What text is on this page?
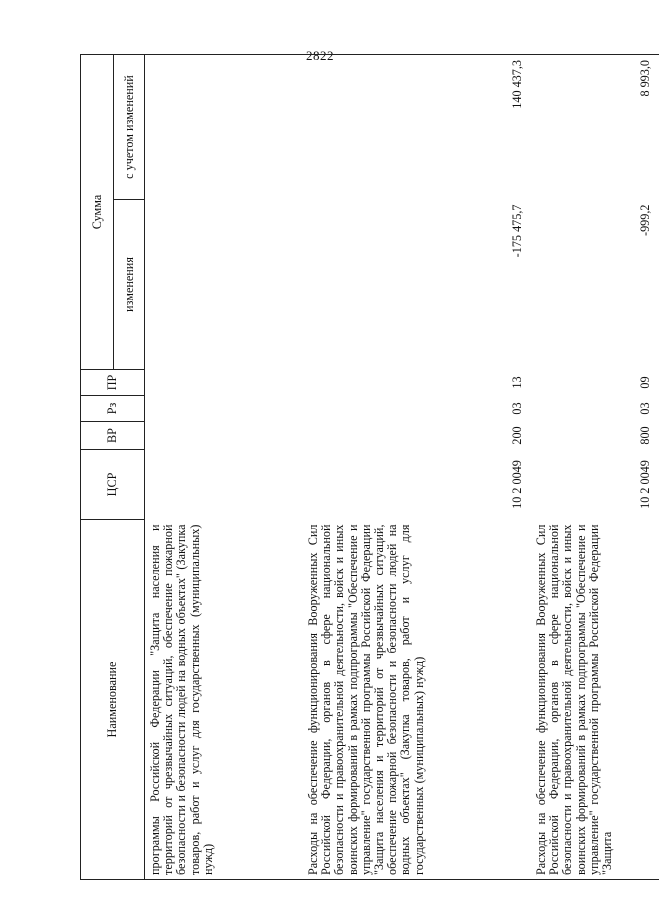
2822
Наименование	ЦСР	ВР	Рз	ПР	Сумма	
					изменения	с учетом изменений
программы Российской Федерации "Защита населения и территорий от чрезвычайных ситуаций, обеспечение пожарной безопасности и безопасности людей на водных объектах" (Закупка товаров, работ и услуг для государственных (муниципальных) нужд)						
Расходы на обеспечение функционирования Вооруженных Сил Российской Федерации, органов в сфере национальной безопасности и правоохранительной деятельности, войск и иных воинских формирований в рамках подпрограммы "Обеспечение и управление" государственной программы Российской Федерации "Защита населения и территорий от чрезвычайных ситуаций, обеспечение пожарной безопасности и безопасности людей на водных объектах" (Закупка товаров, работ и услуг для государственных (муниципальных) нужд)	10 2 0049	200	03	13	-175 475,7	140 437,3
Расходы на обеспечение функционирования Вооруженных Сил Российской Федерации, органов в сфере национальной безопасности и правоохранительной деятельности, войск и иных воинских формирований в рамках подпрограммы "Обеспечение и управление" государственной программы Российской Федерации "Защита	10 2 0049	800	03	09	-999,2	8 993,0
